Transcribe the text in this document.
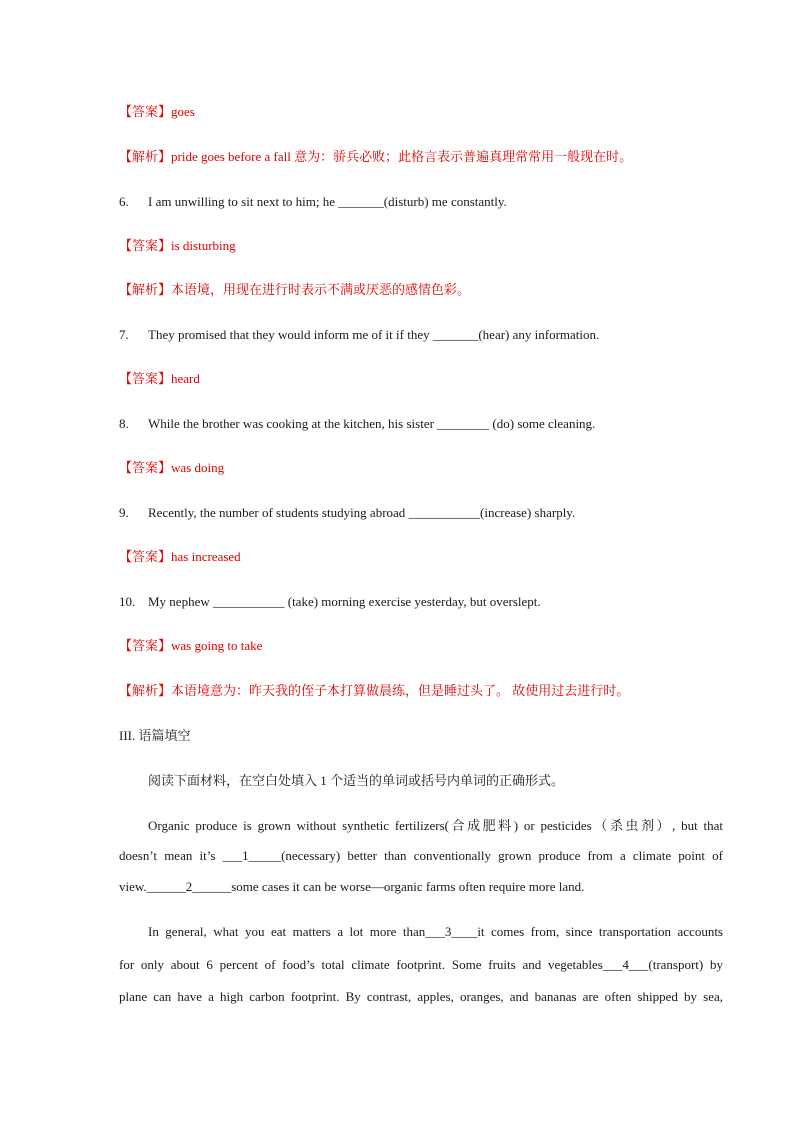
【答案】goes
【解析】pride goes before a fall 意为：骄兵必败；此格言表示普遍真理常常用一般现在时。
6. I am unwilling to sit next to him; he _______(disturb) me constantly.
【答案】is disturbing
【解析】本语境，用现在进行时表示不满或厌恶的感情色彩。
7. They promised that they would inform me of it if they _______(hear) any information.
【答案】heard
8. While the brother was cooking at the kitchen, his sister ________ (do) some cleaning.
【答案】was doing
9. Recently, the number of students studying abroad ___________(increase) sharply.
【答案】has increased
10. My nephew ___________ (take) morning exercise yesterday, but overslept.
【答案】was going to take
【解析】本语境意为：昨天我的侄子本打算做晨练，但是睡过头了。 故使用过去进行时。
III. 语篇填空
阅读下面材料，在空白处填入 1 个适当的单词或括号内单词的正确形式。
Organic produce is grown without synthetic fertilizers(合成肥料) or pesticides（杀虫剂）, but that
doesn’t mean it’s ___1_____(necessary) better than conventionally grown produce from a climate point of
view.______2______some cases it can be worse—organic farms often require more land.
In general, what you eat matters a lot more than___3____it comes from, since transportation accounts
for only about 6 percent of food’s total climate footprint. Some fruits and vegetables___4___(transport) by
plane can have a high carbon footprint. By contrast, apples, oranges, and bananas are often shipped by sea,
